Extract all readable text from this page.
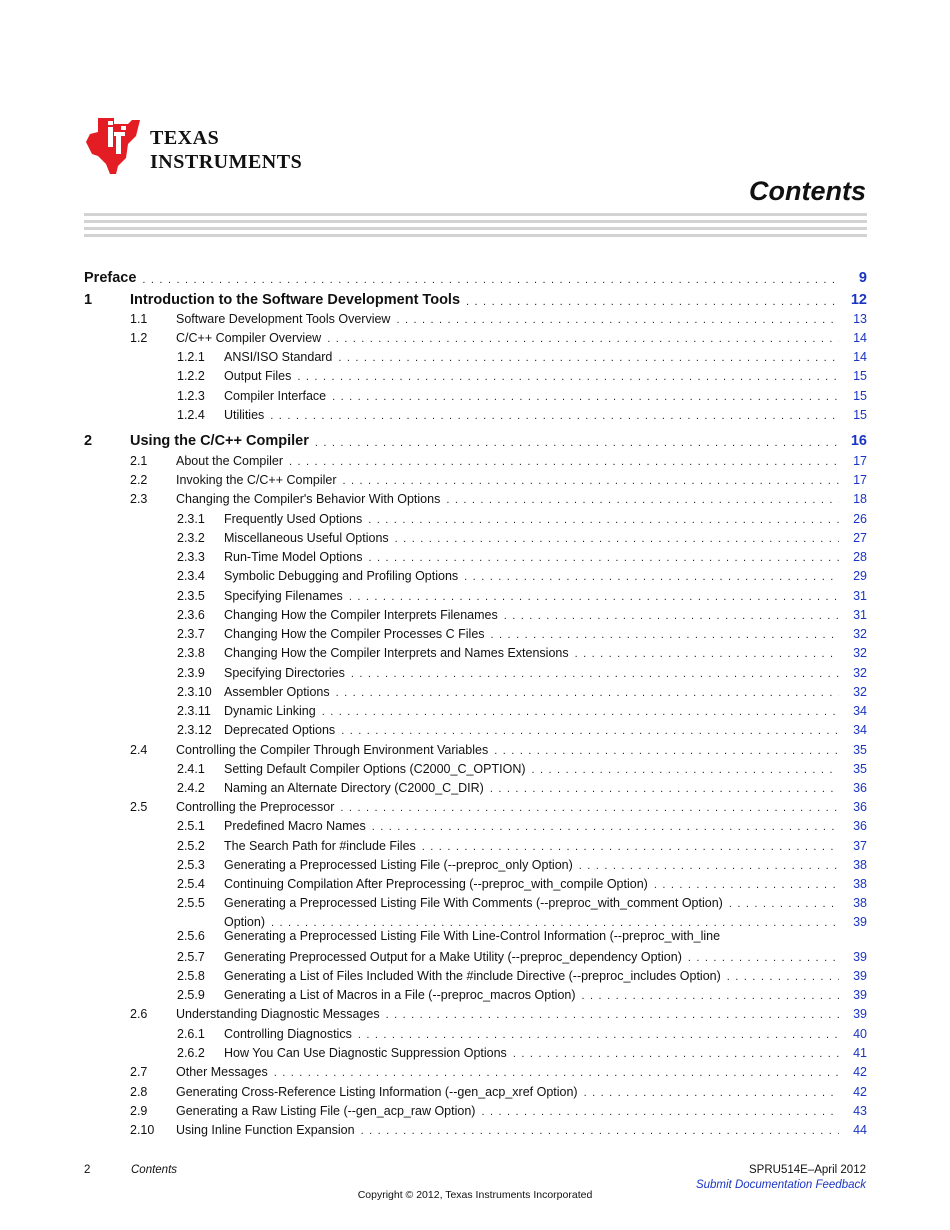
TEXAS
INSTRUMENTS
Contents
Preface . . .	9
1	Introduction to the Software Development Tools . . .	12
1.1	Software Development Tools Overview . . .	13
1.2	C/C++ Compiler Overview . . .	14
1.2.1	ANSI/ISO Standard . . .	14
1.2.2	Output Files . . .	15
1.2.3	Compiler Interface . . .	15
1.2.4	Utilities . . .	15
2	Using the C/C++ Compiler . . .	16
2.1	About the Compiler . . .	17
2.2	Invoking the C/C++ Compiler . . .	17
2.3	Changing the Compiler's Behavior With Options . . .	18
2.3.1	Frequently Used Options . . .	26
2.3.2	Miscellaneous Useful Options . . .	27
2.3.3	Run-Time Model Options . . .	28
2.3.4	Symbolic Debugging and Profiling Options . . .	29
2.3.5	Specifying Filenames . . .	31
2.3.6	Changing How the Compiler Interprets Filenames . . .	31
2.3.7	Changing How the Compiler Processes C Files . . .	32
2.3.8	Changing How the Compiler Interprets and Names Extensions . . .	32
2.3.9	Specifying Directories . . .	32
2.3.10 Assembler Options . . .	32
2.3.11	Dynamic Linking . . .	34
2.3.12 Deprecated Options . . .	34
2.4	Controlling the Compiler Through Environment Variables . . .	35
2.4.1	Setting Default Compiler Options (C2000_C_OPTION) . . .	35
2.4.2	Naming an Alternate Directory (C2000_C_DIR) . . .	36
2.5	Controlling the Preprocessor . . .	36
2.5.1	Predefined Macro Names . . .	36
2.5.2	The Search Path for #include Files . . .	37
2.5.3	Generating a Preprocessed Listing File (--preproc_only Option) . . .	38
2.5.4	Continuing Compilation After Preprocessing (--preproc_with_compile Option) . . .	38
2.5.5	Generating a Preprocessed Listing File With Comments (--preproc_with_comment Option) . . .	38
Option) . . .	39
2.5.6 Generating a Preprocessed Listing File With Line-Control Information (--preproc_with_line
2.5.7	Generating Preprocessed Output for a Make Utility (--preproc_dependency Option) . . .	39
2.5.8	Generating a List of Files Included With the #include Directive (--preproc_includes Option) . . .	39
2.5.9	Generating a List of Macros in a File (--preproc_macros Option) . . .	39
2.6	Understanding Diagnostic Messages . . .	39
2.6.1	Controlling Diagnostics . . .	40
2.6.2	How You Can Use Diagnostic Suppression Options . . .	41
2.7	Other Messages . . .	42
2.8	Generating Cross-Reference Listing Information (--gen_acp_xref Option) . . .	42
2.9	Generating a Raw Listing File (--gen_acp_raw Option) . . .	43
2.10	Using Inline Function Expansion . . .	44
2	Contents	SPRU514E–April 2012
Submit Documentation Feedback
Copyright © 2012, Texas Instruments Incorporated
